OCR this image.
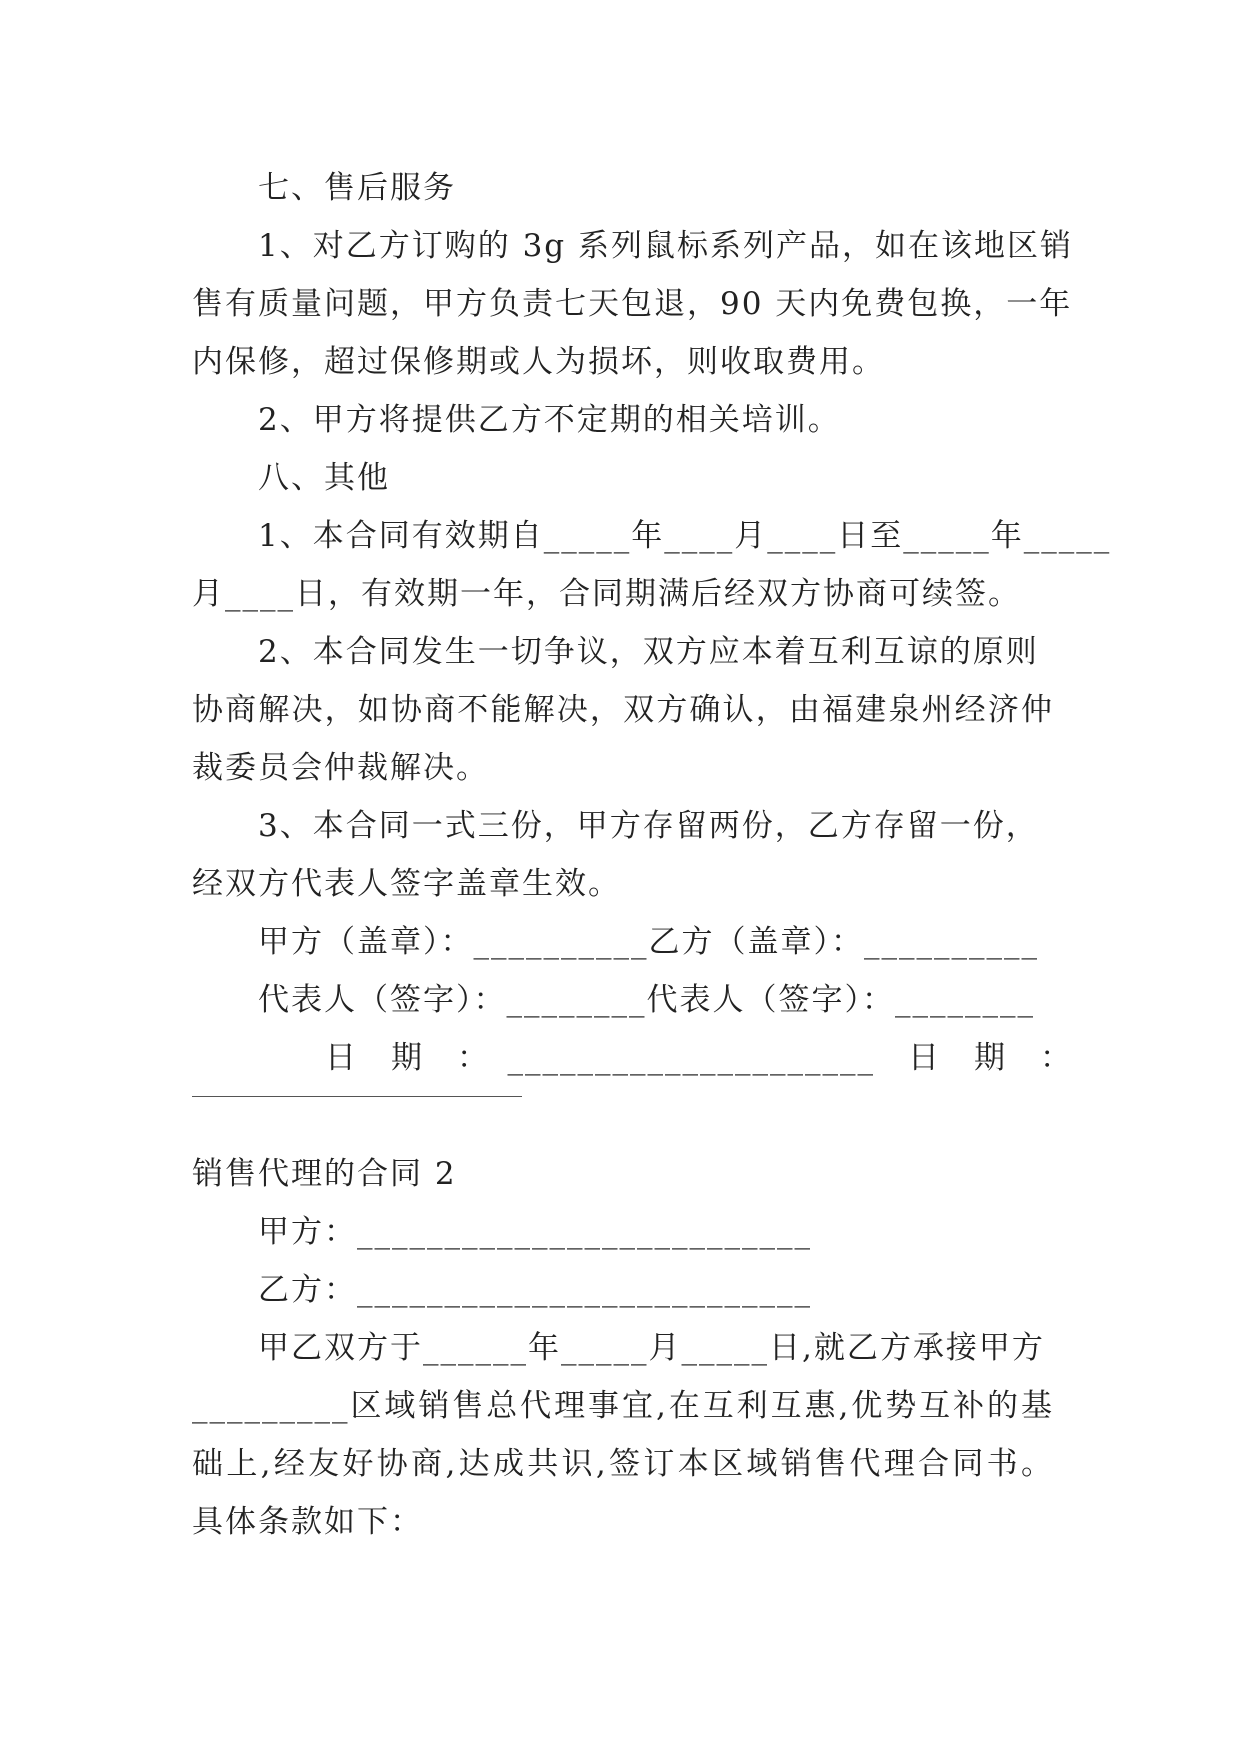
七、售后服务
1、对乙方订购的 3g 系列鼠标系列产品，如在该地区销
售有质量问题，甲方负责七天包退，90 天内免费包换，一年
内保修，超过保修期或人为损坏，则收取费用。
2、甲方将提供乙方不定期的相关培训。
八、其他
1、本合同有效期自_____年____月____日至_____年_____
月____日，有效期一年，合同期满后经双方协商可续签。
2、本合同发生一切争议，双方应本着互利互谅的原则
协商解决，如协商不能解决，双方确认，由福建泉州经济仲
裁委员会仲裁解决。
3、本合同一式三份，甲方存留两份，乙方存留一份，
经双方代表人签字盖章生效。
甲方（盖章）：__________乙方（盖章）：__________
代表人（签字）：________代表人（签字）：________
日　期　：　_____________________　日　期　：
销售代理的合同 2
甲方：__________________________
乙方：__________________________
甲乙双方于______年_____月_____日,就乙方承接甲方
_________区域销售总代理事宜,在互利互惠,优势互补的基
础上,经友好协商,达成共识,签订本区域销售代理合同书。
具体条款如下：
